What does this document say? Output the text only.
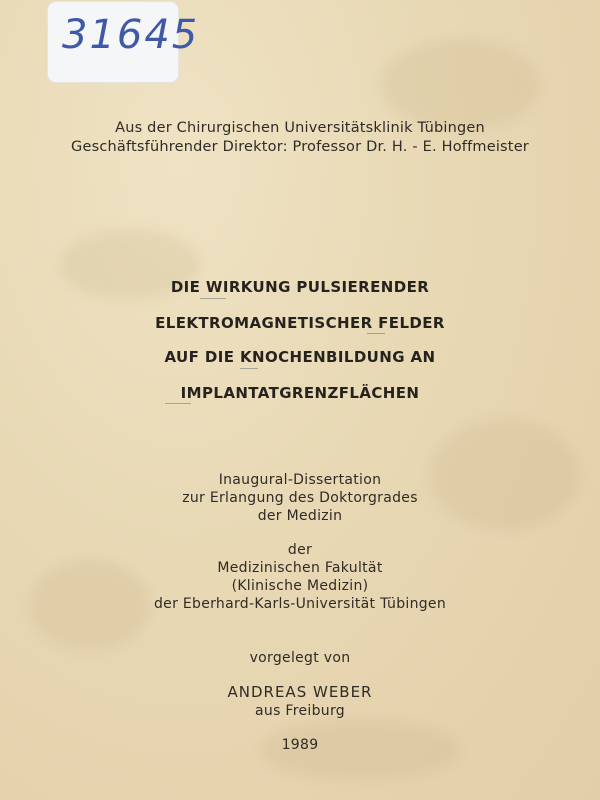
31645
Aus der Chirurgischen Universitätsklinik Tübingen
Geschäftsführender Direktor: Professor Dr. H. - E. Hoffmeister
DIE WIRKUNG PULSIERENDER
ELEKTROMAGNETISCHER FELDER
AUF DIE KNOCHENBILDUNG AN
IMPLANTATGRENZFLÄCHEN
Inaugural-Dissertation
zur Erlangung des Doktorgrades
der Medizin
der
Medizinischen Fakultät
(Klinische Medizin)
der Eberhard-Karls-Universität Tübingen
vorgelegt von
ANDREAS WEBER
aus Freiburg
1989
